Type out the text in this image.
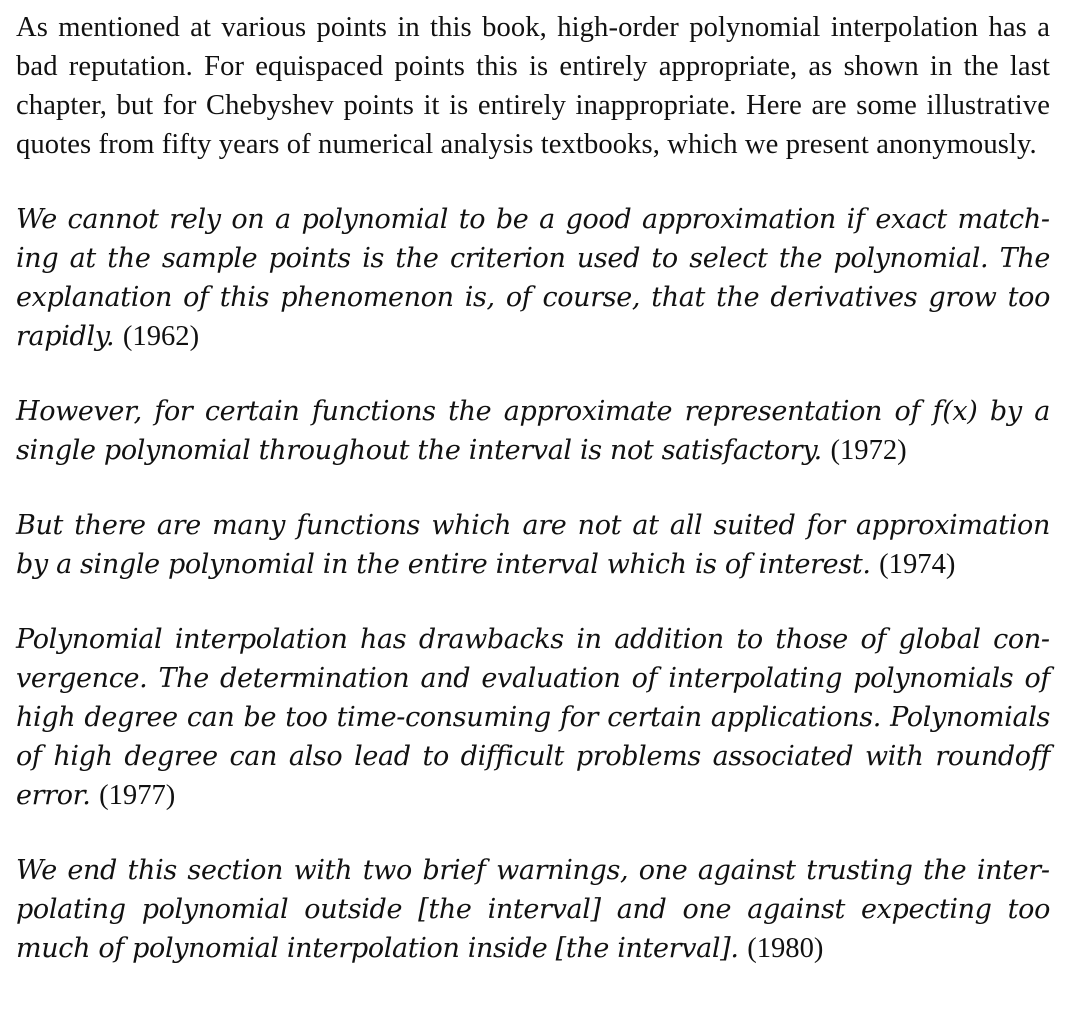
As mentioned at various points in this book, high-order polynomial interpolation has a bad reputation. For equispaced points this is entirely appropriate, as shown in the last chapter, but for Chebyshev points it is entirely inappropriate. Here are some illustrative quotes from fifty years of numerical analysis textbooks, which we present anonymously.

We cannot rely on a polynomial to be a good approximation if exact matching at the sample points is the criterion used to select the polynomial. The explanation of this phenomenon is, of course, that the derivatives grow too rapidly. (1962)

However, for certain functions the approximate representation of f(x) by a single polynomial throughout the interval is not satisfactory. (1972)

But there are many functions which are not at all suited for approximation by a single polynomial in the entire interval which is of interest. (1974)

Polynomial interpolation has drawbacks in addition to those of global convergence. The determination and evaluation of interpolating polynomials of high degree can be too time-consuming for certain applications. Polynomials of high degree can also lead to difficult problems associated with roundoff error. (1977)

We end this section with two brief warnings, one against trusting the interpolating polynomial outside [the interval] and one against expecting too much of polynomial interpolation inside [the interval]. (1980)
